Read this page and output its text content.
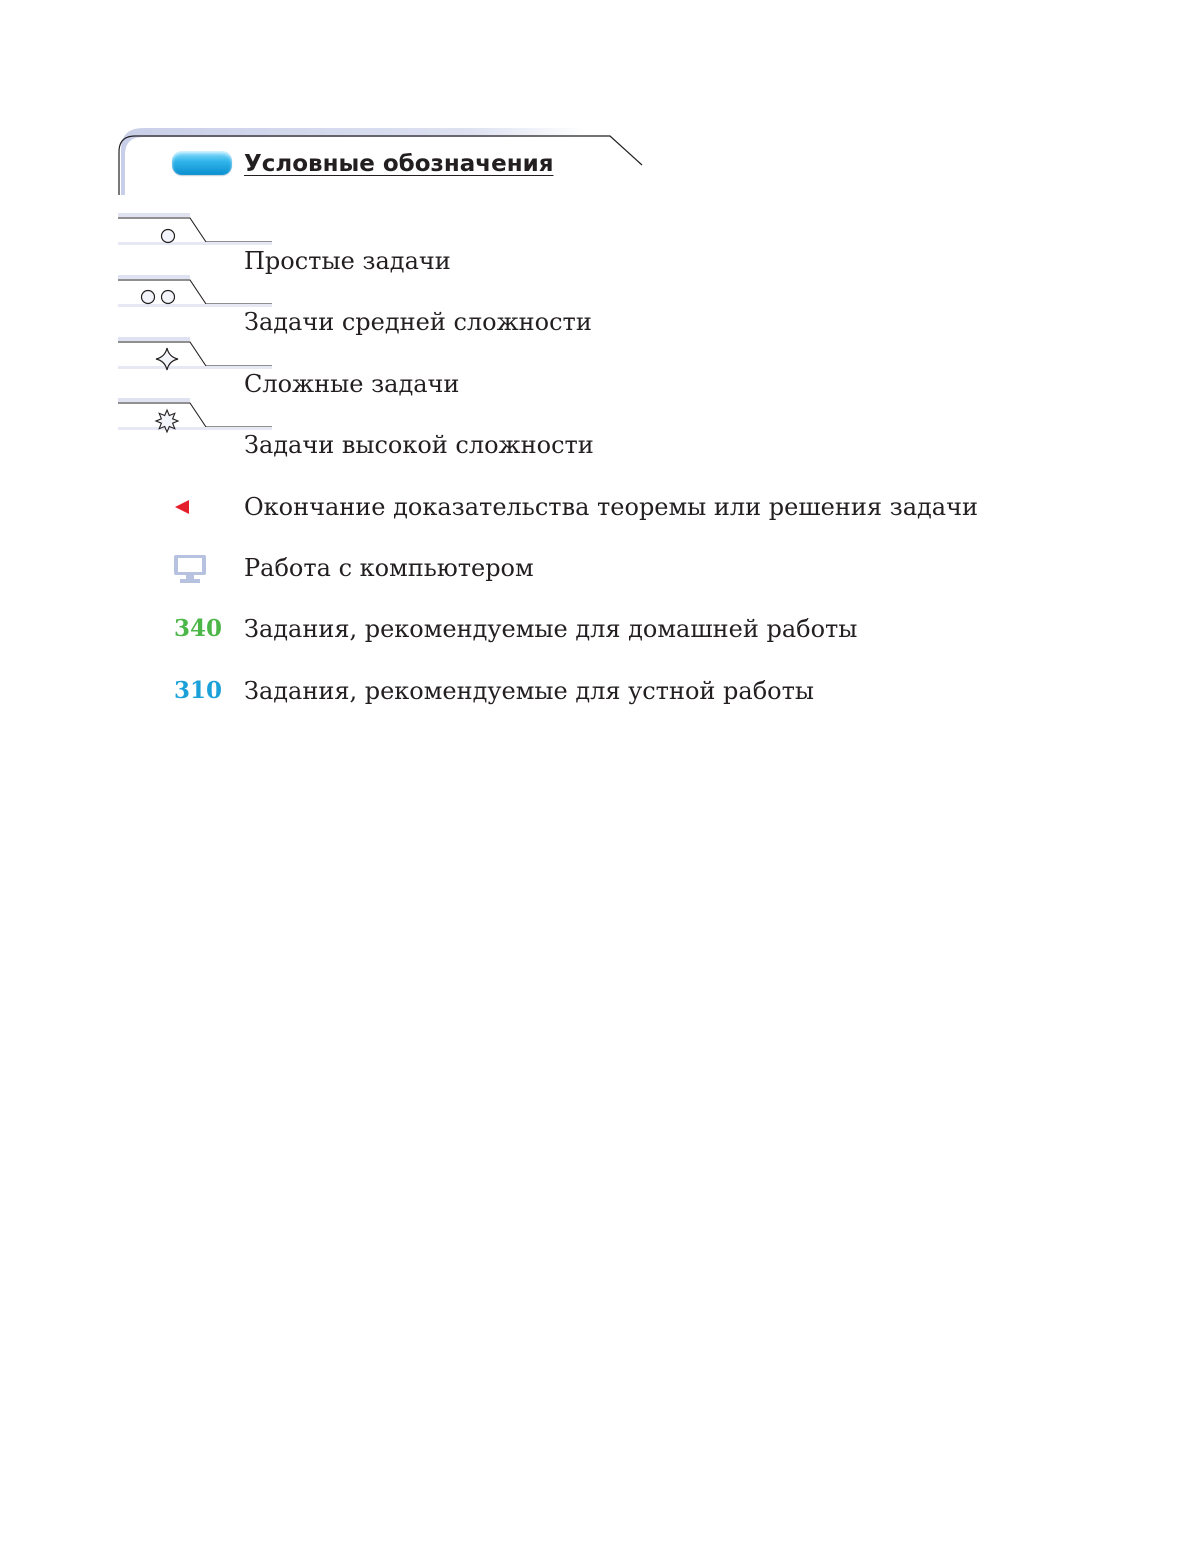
Условные обозначения

Простые задачи

Задачи средней сложности

Сложные задачи

Задачи высокой сложности

Окончание доказательства теоремы или решения задачи

Работа с компьютером

340 Задания, рекомендуемые для домашней работы

310 Задания, рекомендуемые для устной работы
